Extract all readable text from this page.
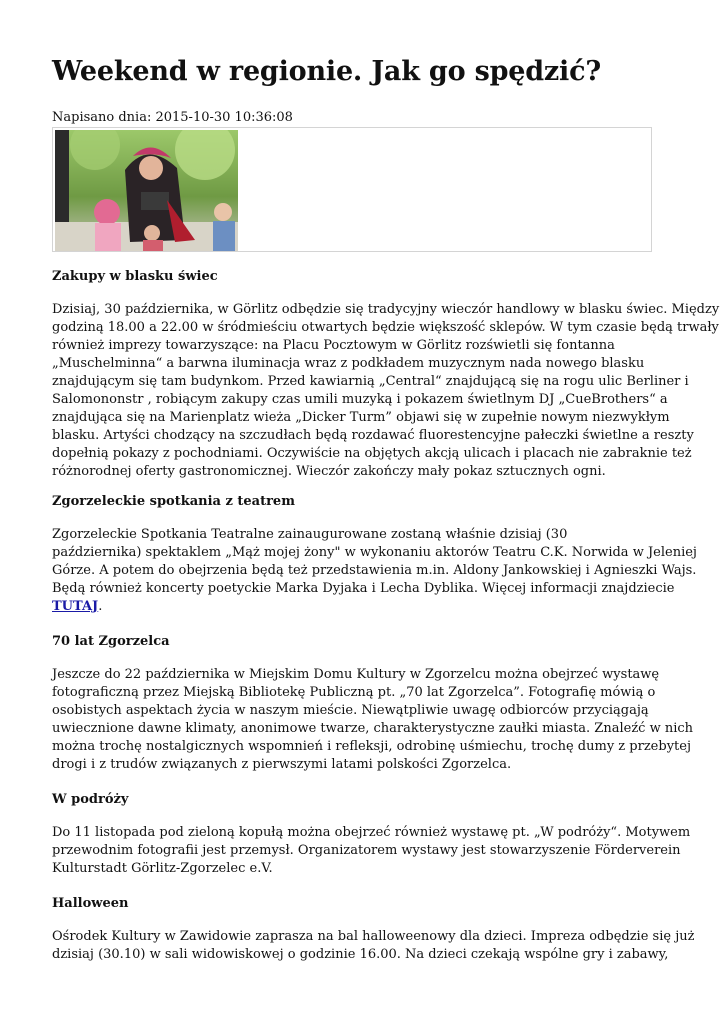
Weekend w regionie. Jak go spędzić?
Napisano dnia: 2015-10-30 10:36:08

Zakupy w blasku świec

Dzisiaj, 30 października, w Görlitz odbędzie się tradycyjny wieczór handlowy w blasku świec. Między
godziną 18.00 a 22.00 w śródmieściu otwartych będzie większość sklepów. W tym czasie będą trwały
również imprezy towarzyszące: na Placu Pocztowym w Görlitz rozświetli się fontanna
„Muschelminna“ a barwna iluminacja wraz z podkładem muzycznym nada nowego blasku
znajdującym się tam budynkom. Przed kawiarnią „Central“ znajdującą się na rogu ulic Berliner i
Salomononstr , robiącym zakupy czas umili muzyką i pokazem świetlnym DJ „CueBrothers“ a
znajdująca się na Marienplatz wieża „Dicker Turm” objawi się w zupełnie nowym niezwykłym
blasku. Artyści chodzący na szczudłach będą rozdawać fluorestencyjne pałeczki świetlne a reszty
dopełnią pokazy z pochodniami. Oczywiście na objętych akcją ulicach i placach nie zabraknie też
różnorodnej oferty gastronomicznej. Wieczór zakończy mały pokaz sztucznych ogni.

Zgorzeleckie spotkania z teatrem

Zgorzeleckie Spotkania Teatralne zainaugurowane zostaną właśnie dzisiaj (30
października) spektaklem „Mąż mojej żony" w wykonaniu aktorów Teatru C.K. Norwida w Jeleniej
Górze. A potem do obejrzenia będą też przedstawienia m.in. Aldony Jankowskiej i Agnieszki Wajs.
Będą również koncerty poetyckie Marka Dyjaka i Lecha Dyblika. Więcej informacji znajdziecie
TUTAJ.

70 lat Zgorzelca

Jeszcze do 22 października w Miejskim Domu Kultury w Zgorzelcu można obejrzeć wystawę
fotograficzną przez Miejską Bibliotekę Publiczną pt. „70 lat Zgorzelca”. Fotografię mówią o
osobistych aspektach życia w naszym mieście. Niewątpliwie uwagę odbiorców przyciągają
uwiecznione dawne klimaty, anonimowe twarze, charakterystyczne zaułki miasta. Znaleźć w nich
można trochę nostalgicznych wspomnień i refleksji, odrobinę uśmiechu, trochę dumy z przebytej
drogi i z trudów związanych z pierwszymi latami polskości Zgorzelca.

W podróży

Do 11 listopada pod zieloną kopułą można obejrzeć również wystawę pt. „W podróży“. Motywem
przewodnim fotografii jest przemysł. Organizatorem wystawy jest stowarzyszenie Förderverein
Kulturstadt Görlitz-Zgorzelec e.V.

Halloween

Ośrodek Kultury w Zawidowie zaprasza na bal halloweenowy dla dzieci. Impreza odbędzie się już
dzisiaj (30.10) w sali widowiskowej o godzinie 16.00. Na dzieci czekają wspólne gry i zabawy,
